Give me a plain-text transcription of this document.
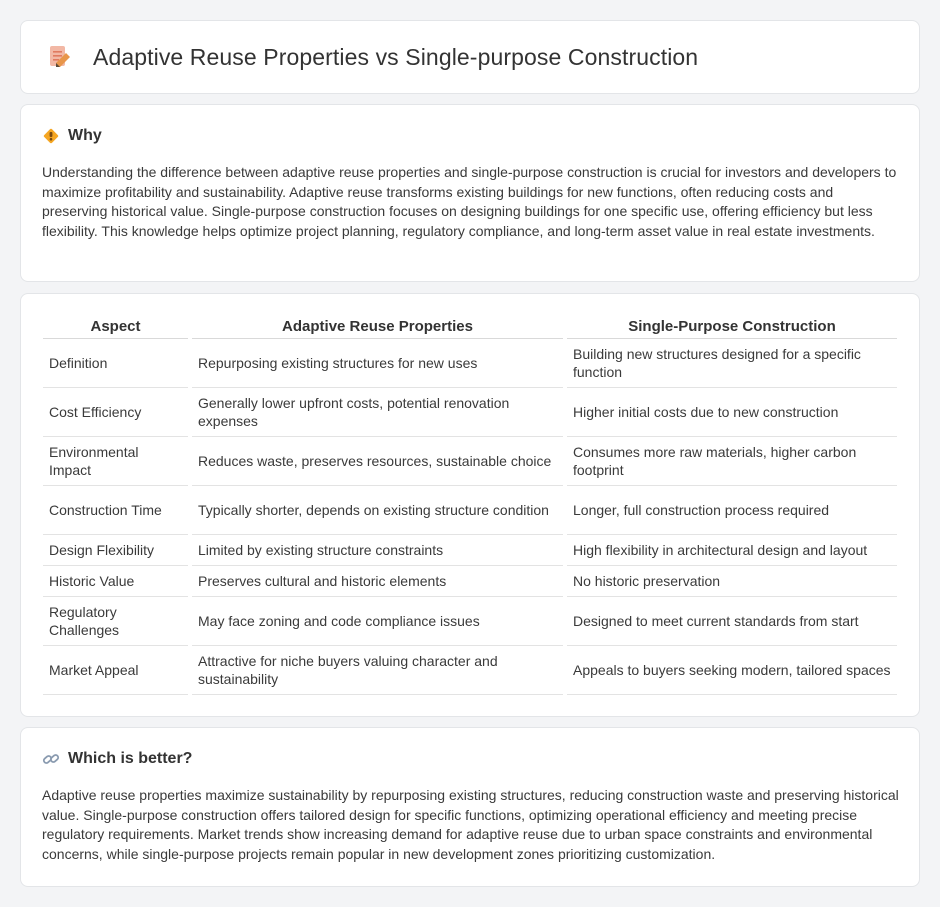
Adaptive Reuse Properties vs Single-purpose Construction
Why

Understanding the difference between adaptive reuse properties and single-purpose construction is crucial for investors and developers to maximize profitability and sustainability. Adaptive reuse transforms existing buildings for new functions, often reducing costs and preserving historical value. Single-purpose construction focuses on designing buildings for one specific use, offering efficiency but less flexibility. This knowledge helps optimize project planning, regulatory compliance, and long-term asset value in real estate investments.

Aspect	Adaptive Reuse Properties	Single-Purpose Construction
Definition	Repurposing existing structures for new uses	Building new structures designed for a specific function
Cost Efficiency	Generally lower upfront costs, potential renovation expenses	Higher initial costs due to new construction
Environmental Impact	Reduces waste, preserves resources, sustainable choice	Consumes more raw materials, higher carbon footprint
Construction Time	Typically shorter, depends on existing structure condition	Longer, full construction process required
Design Flexibility	Limited by existing structure constraints	High flexibility in architectural design and layout
Historic Value	Preserves cultural and historic elements	No historic preservation
Regulatory Challenges	May face zoning and code compliance issues	Designed to meet current standards from start
Market Appeal	Attractive for niche buyers valuing character and sustainability	Appeals to buyers seeking modern, tailored spaces
Which is better?

Adaptive reuse properties maximize sustainability by repurposing existing structures, reducing construction waste and preserving historical value. Single-purpose construction offers tailored design for specific functions, optimizing operational efficiency and meeting precise regulatory requirements. Market trends show increasing demand for adaptive reuse due to urban space constraints and environmental concerns, while single-purpose projects remain popular in new development zones prioritizing customization.
